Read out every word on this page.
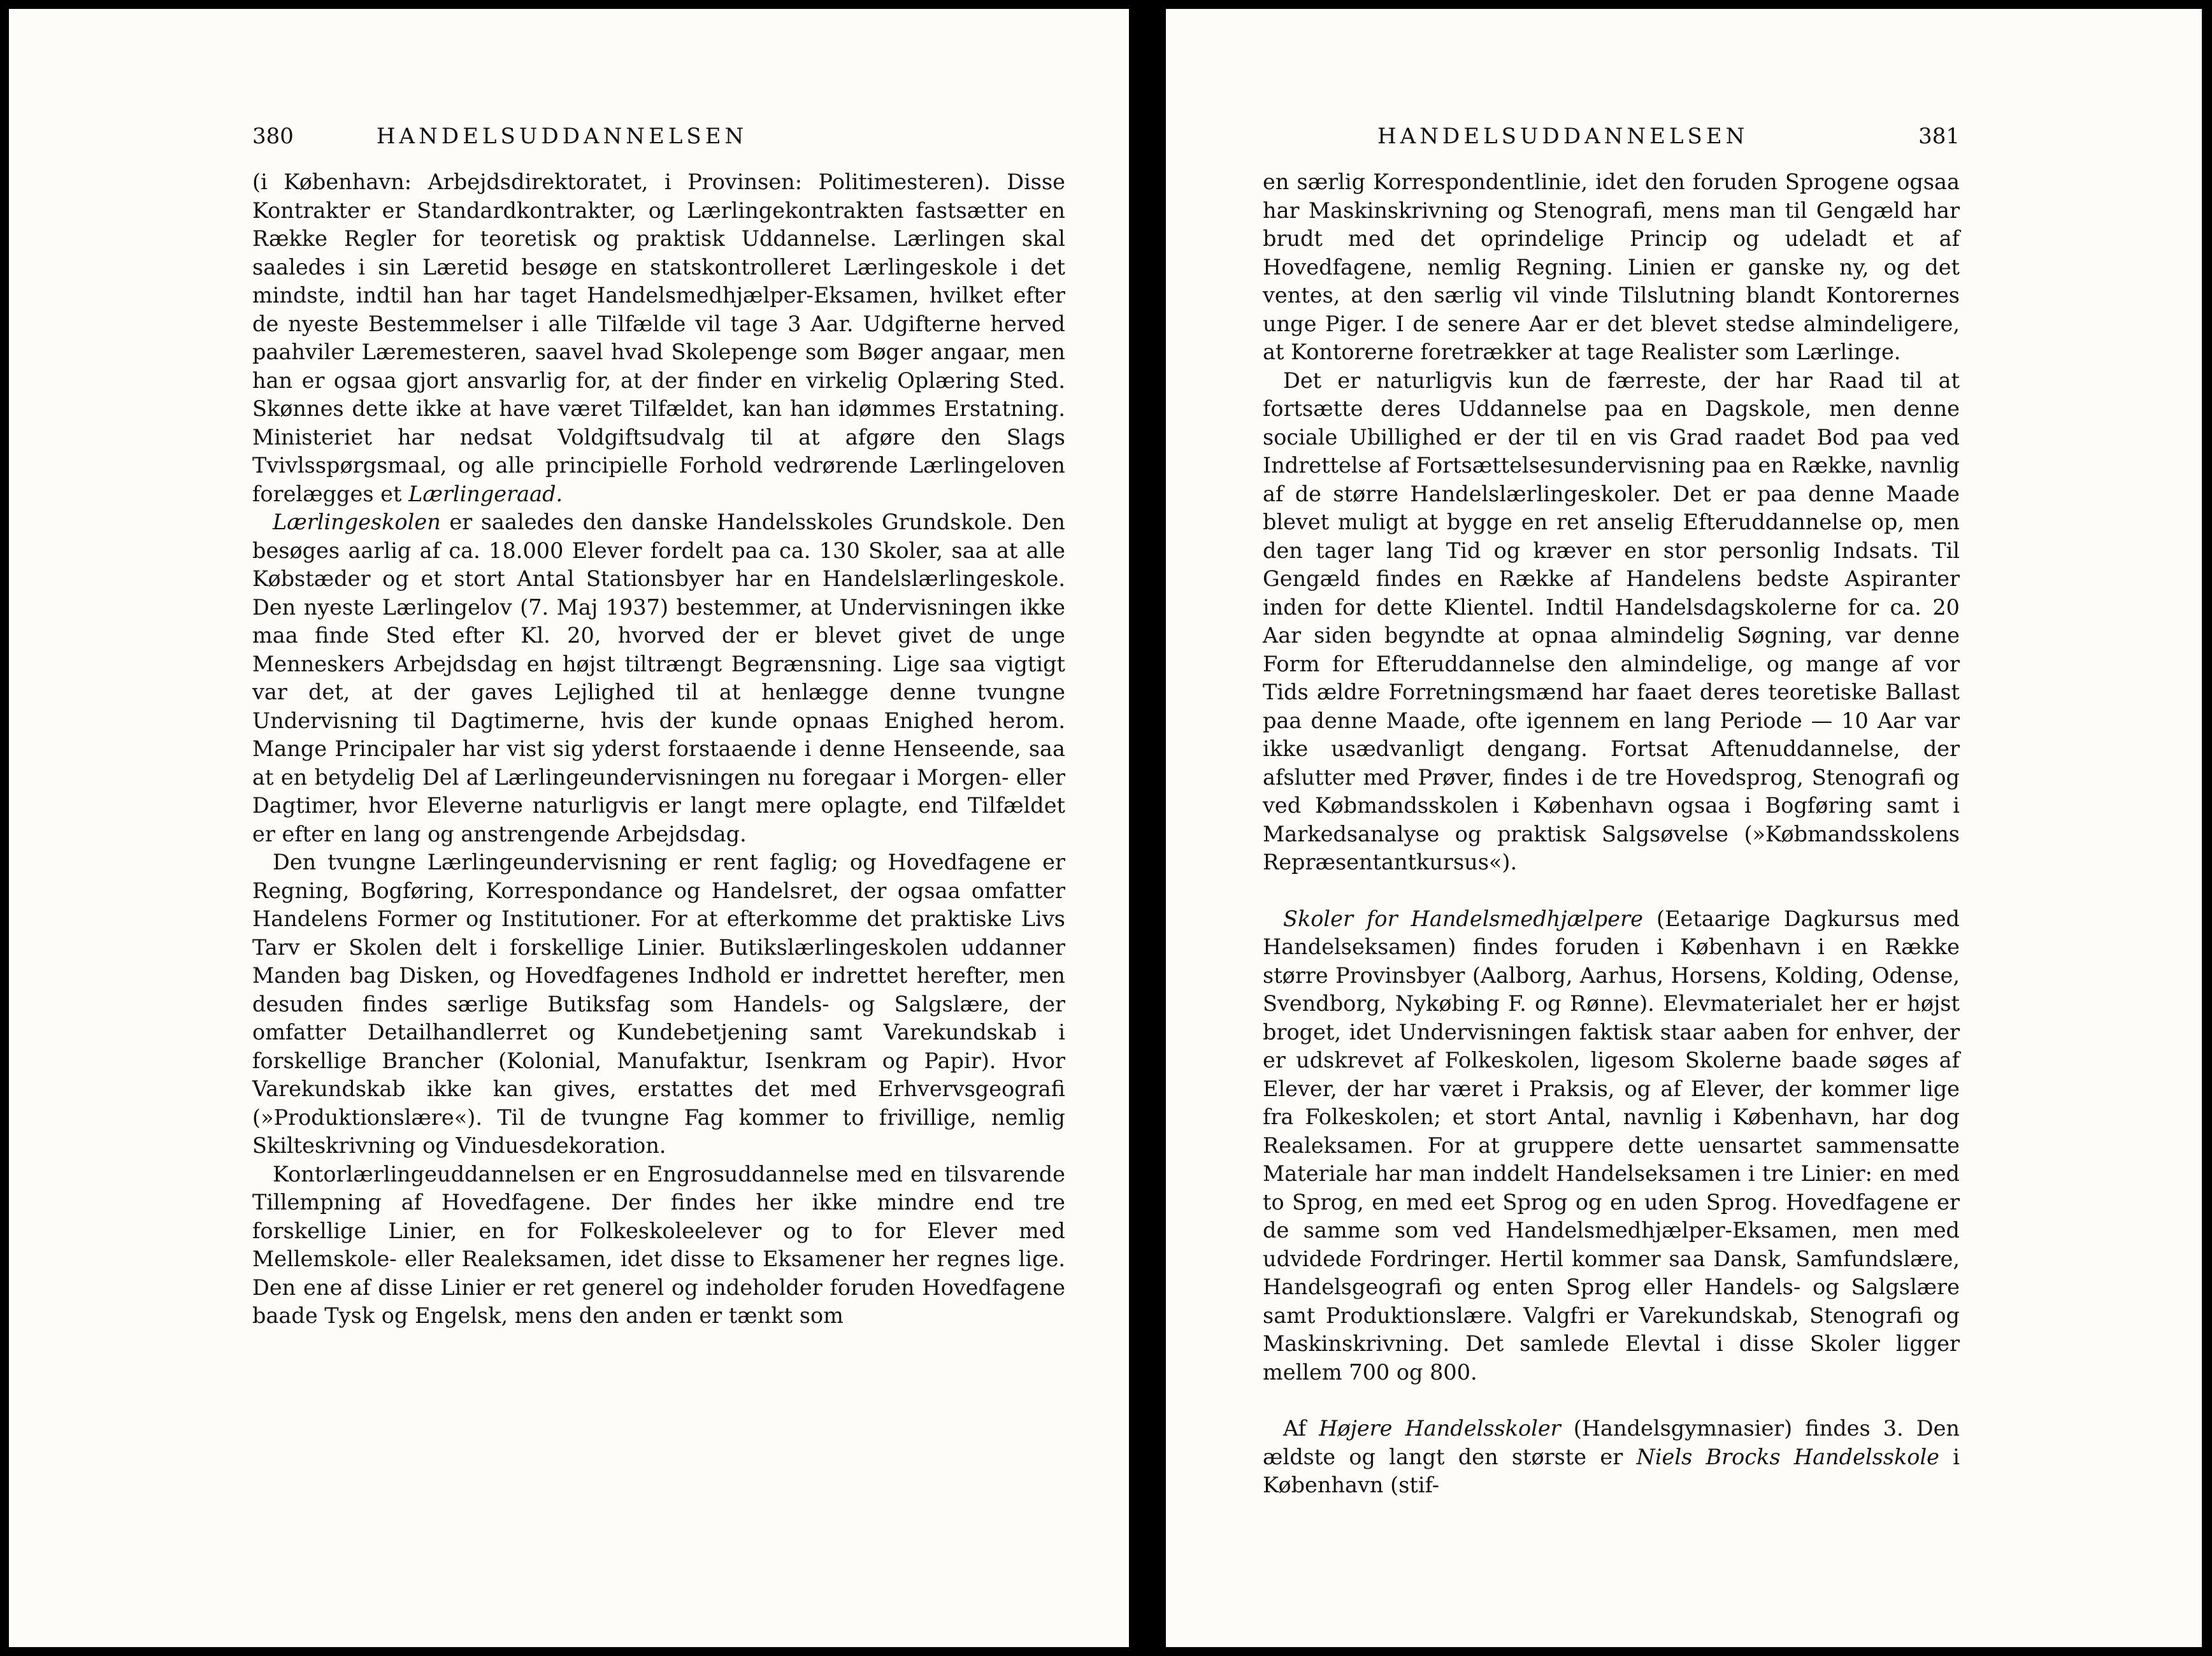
380	HANDELSUDDANNELSEN

(i København: Arbejdsdirektoratet, i Provinsen: Politimesteren). Disse Kontrakter er Standardkontrakter, og Lærlingekontrakten fastsætter en Række Regler for teoretisk og praktisk Uddannelse. Lærlingen skal saaledes i sin Læretid besøge en statskontrolleret Lærlingeskole i det mindste, indtil han har taget Handelsmedhjælper-Eksamen, hvilket efter de nyeste Bestemmelser i alle Tilfælde vil tage 3 Aar. Udgifterne herved paahviler Læremesteren, saavel hvad Skolepenge som Bøger angaar, men han er ogsaa gjort ansvarlig for, at der finder en virkelig Oplæring Sted. Skønnes dette ikke at have været Tilfældet, kan han idømmes Erstatning. Ministeriet har nedsat Voldgiftsudvalg til at afgøre den Slags Tvivlsspørgsmaal, og alle principielle Forhold vedrørende Lærlingeloven forelægges et Lærlingeraad.

Lærlingeskolen er saaledes den danske Handelsskoles Grundskole. Den besøges aarlig af ca. 18.000 Elever fordelt paa ca. 130 Skoler, saa at alle Købstæder og et stort Antal Stationsbyer har en Handelslærlingeskole. Den nyeste Lærlingelov (7. Maj 1937) bestemmer, at Undervisningen ikke maa finde Sted efter Kl. 20, hvorved der er blevet givet de unge Menneskers Arbejdsdag en højst tiltrængt Begrænsning. Lige saa vigtigt var det, at der gaves Lejlighed til at henlægge denne tvungne Undervisning til Dagtimerne, hvis der kunde opnaas Enighed herom. Mange Principaler har vist sig yderst forstaaende i denne Henseende, saa at en betydelig Del af Lærlingeundervisningen nu foregaar i Morgen- eller Dagtimer, hvor Eleverne naturligvis er langt mere oplagte, end Tilfældet er efter en lang og anstrengende Arbejdsdag.

Den tvungne Lærlingeundervisning er rent faglig; og Hovedfagene er Regning, Bogføring, Korrespondance og Handelsret, der ogsaa omfatter Handelens Former og Institutioner. For at efterkomme det praktiske Livs Tarv er Skolen delt i forskellige Linier. Butikslærlingeskolen uddanner Manden bag Disken, og Hovedfagenes Indhold er indrettet herefter, men desuden findes særlige Butiksfag som Handels- og Salgslære, der omfatter Detailhandlerret og Kundebetjening samt Varekundskab i forskellige Brancher (Kolonial, Manufaktur, Isenkram og Papir). Hvor Varekundskab ikke kan gives, erstattes det med Erhvervsgeografi (»Produktionslære«). Til de tvungne Fag kommer to frivillige, nemlig Skilteskrivning og Vinduesdekoration.

Kontorlærlingeuddannelsen er en Engrosuddannelse med en tilsvarende Tillempning af Hovedfagene. Der findes her ikke mindre end tre forskellige Linier, en for Folkeskoleelever og to for Elever med Mellemskole- eller Realeksamen, idet disse to Eksamener her regnes lige. Den ene af disse Linier er ret generel og indeholder foruden Hovedfagene baade Tysk og Engelsk, mens den anden er tænkt som

HANDELSUDDANNELSEN	381

en særlig Korrespondentlinie, idet den foruden Sprogene ogsaa har Maskinskrivning og Stenografi, mens man til Gengæld har brudt med det oprindelige Princip og udeladt et af Hovedfagene, nemlig Regning. Linien er ganske ny, og det ventes, at den særlig vil vinde Tilslutning blandt Kontorernes unge Piger. I de senere Aar er det blevet stedse almindeligere, at Kontorerne foretrækker at tage Realister som Lærlinge.

Det er naturligvis kun de færreste, der har Raad til at fortsætte deres Uddannelse paa en Dagskole, men denne sociale Ubillighed er der til en vis Grad raadet Bod paa ved Indrettelse af Fortsættelsesundervisning paa en Række, navnlig af de større Handelslærlingeskoler. Det er paa denne Maade blevet muligt at bygge en ret anselig Efteruddannelse op, men den tager lang Tid og kræver en stor personlig Indsats. Til Gengæld findes en Række af Handelens bedste Aspiranter inden for dette Klientel. Indtil Handelsdagskolerne for ca. 20 Aar siden begyndte at opnaa almindelig Søgning, var denne Form for Efteruddannelse den almindelige, og mange af vor Tids ældre Forretningsmænd har faaet deres teoretiske Ballast paa denne Maade, ofte igennem en lang Periode — 10 Aar var ikke usædvanligt dengang. Fortsat Aftenuddannelse, der afslutter med Prøver, findes i de tre Hovedsprog, Stenografi og ved Købmandsskolen i København ogsaa i Bogføring samt i Markedsanalyse og praktisk Salgsøvelse (»Købmandsskolens Repræsentantkursus«).

Skoler for Handelsmedhjælpere (Eetaarige Dagkursus med Handelseksamen) findes foruden i København i en Række større Provinsbyer (Aalborg, Aarhus, Horsens, Kolding, Odense, Svendborg, Nykøbing F. og Rønne). Elevmaterialet her er højst broget, idet Undervisningen faktisk staar aaben for enhver, der er udskrevet af Folkeskolen, ligesom Skolerne baade søges af Elever, der har været i Praksis, og af Elever, der kommer lige fra Folkeskolen; et stort Antal, navnlig i København, har dog Realeksamen. For at gruppere dette uensartet sammensatte Materiale har man inddelt Handelseksamen i tre Linier: en med to Sprog, en med eet Sprog og en uden Sprog. Hovedfagene er de samme som ved Handelsmedhjælper-Eksamen, men med udvidede Fordringer. Hertil kommer saa Dansk, Samfundslære, Handelsgeografi og enten Sprog eller Handels- og Salgslære samt Produktionslære. Valgfri er Varekundskab, Stenografi og Maskinskrivning. Det samlede Elevtal i disse Skoler ligger mellem 700 og 800.

Af Højere Handelsskoler (Handelsgymnasier) findes 3. Den ældste og langt den største er Niels Brocks Handelsskole i København (stif-
